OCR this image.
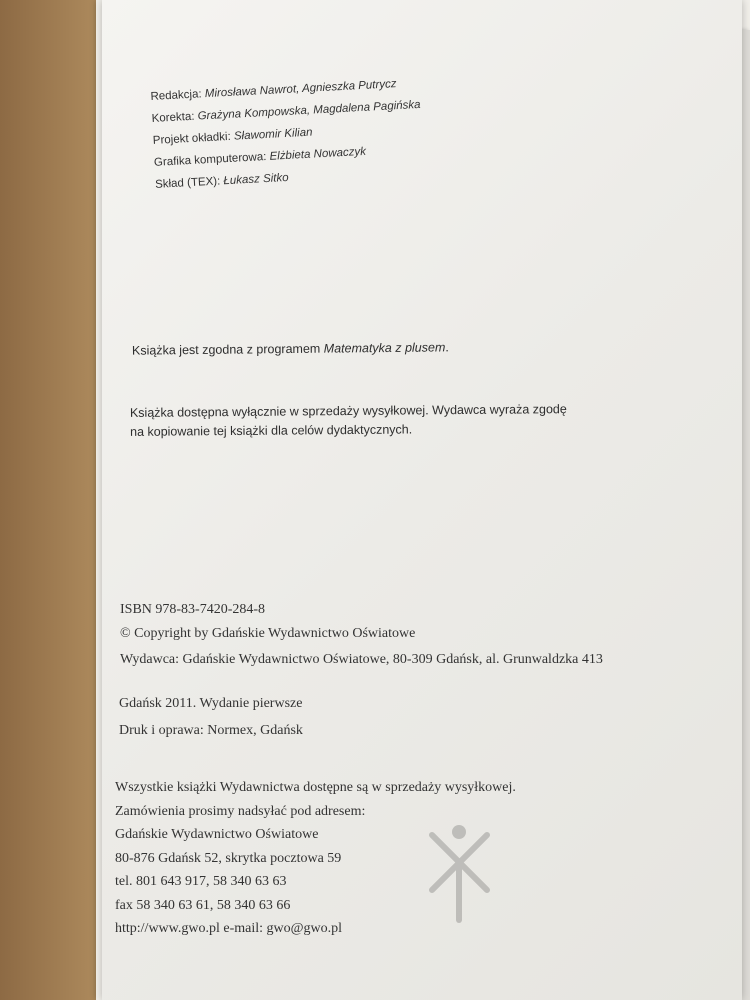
Redakcja: Mirosława Nawrot, Agnieszka Putrycz
Korekta: Grażyna Kompowska, Magdalena Pagińska
Projekt okładki: Sławomir Kilian
Grafika komputerowa: Elżbieta Nowaczyk
Skład (TEX): Łukasz Sitko
Książka jest zgodna z programem Matematyka z plusem.
Książka dostępna wyłącznie w sprzedaży wysyłkowej. Wydawca wyraża zgodę
na kopiowanie tej książki dla celów dydaktycznych.
ISBN 978-83-7420-284-8
© Copyright by Gdańskie Wydawnictwo Oświatowe
Wydawca: Gdańskie Wydawnictwo Oświatowe, 80-309 Gdańsk, al. Grunwaldzka 413
Gdańsk 2011. Wydanie pierwsze
Druk i oprawa: Normex, Gdańsk
Wszystkie książki Wydawnictwa dostępne są w sprzedaży wysyłkowej.
Zamówienia prosimy nadsyłać pod adresem:
Gdańskie Wydawnictwo Oświatowe
80-876 Gdańsk 52, skrytka pocztowa 59
tel. 801 643 917, 58 340 63 63
fax 58 340 63 61, 58 340 63 66
http://www.gwo.pl e-mail: gwo@gwo.pl
